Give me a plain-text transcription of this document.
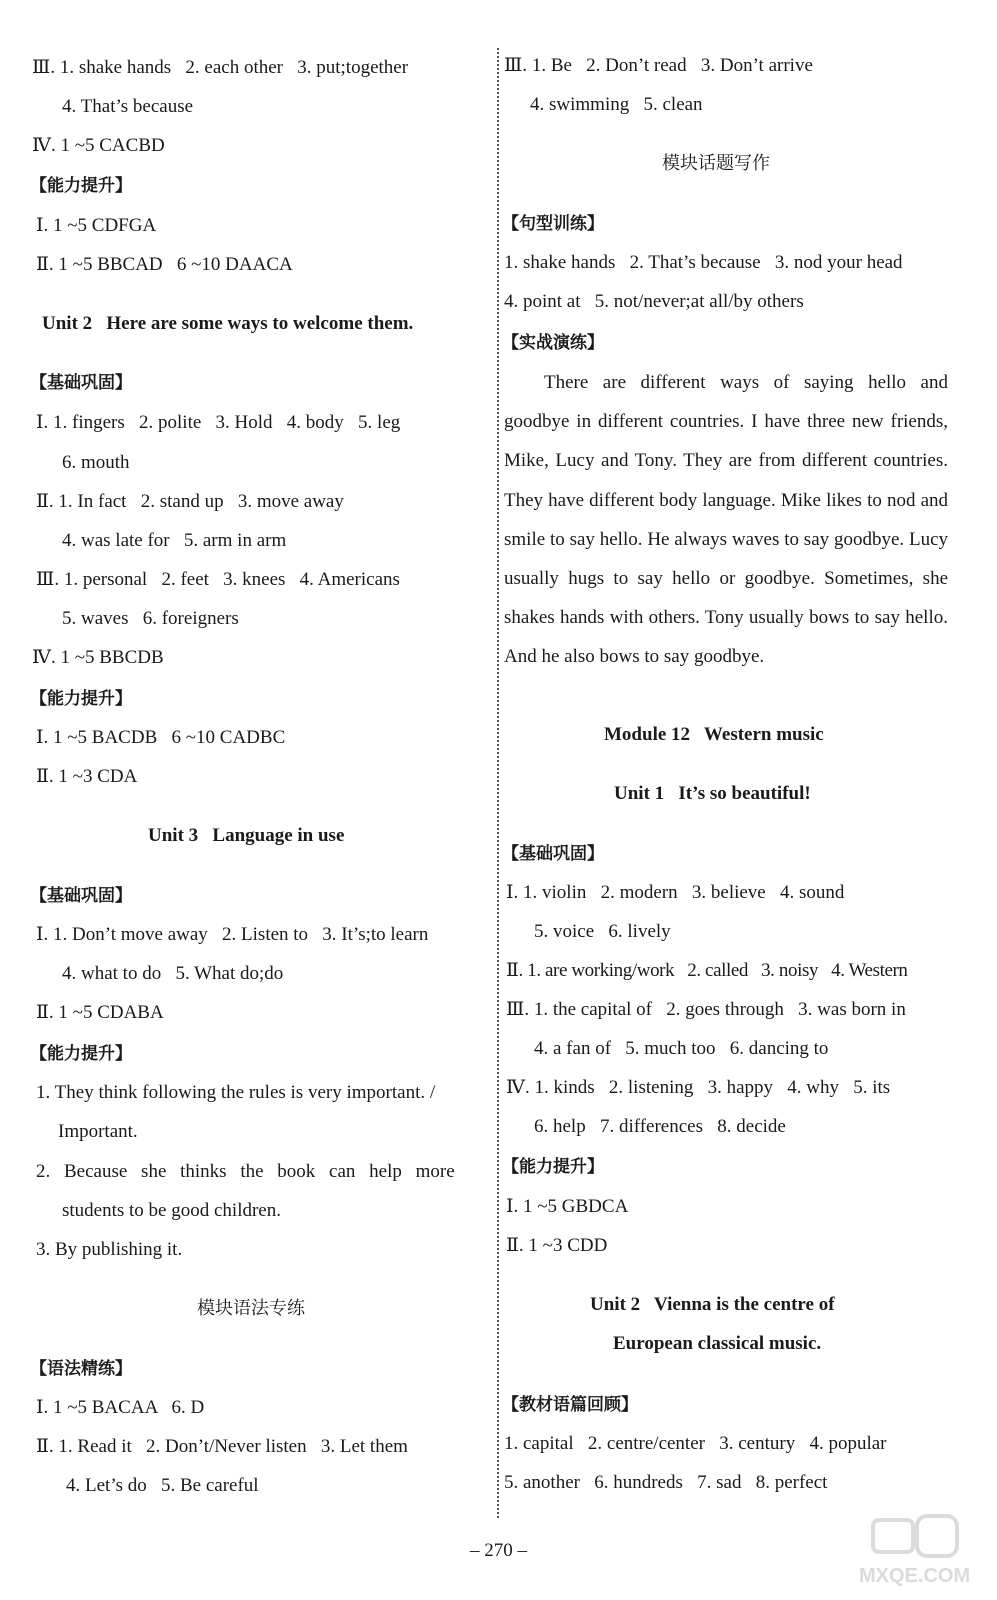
Ⅲ. 1. shake hands   2. each other   3. put;together
4. That’s because
Ⅳ. 1 ~5 CACBD
【能力提升】
Ⅰ. 1 ~5 CDFGA
Ⅱ. 1 ~5 BBCAD   6 ~10 DAACA
Unit 2   Here are some ways to welcome them.
【基础巩固】
Ⅰ. 1. fingers   2. polite   3. Hold   4. body   5. leg
6. mouth
Ⅱ. 1. In fact   2. stand up   3. move away
4. was late for   5. arm in arm
Ⅲ. 1. personal   2. feet   3. knees   4. Americans
5. waves   6. foreigners
Ⅳ. 1 ~5 BBCDB
【能力提升】
Ⅰ. 1 ~5 BACDB   6 ~10 CADBC
Ⅱ. 1 ~3 CDA
Unit 3   Language in use
【基础巩固】
Ⅰ. 1. Don’t move away   2. Listen to   3. It’s;to learn
4. what to do   5. What do;do
Ⅱ. 1 ~5 CDABA
【能力提升】
1. They think following the rules is very important. /
Important.
2. Because she thinks the book can help more
students to be good children.
3. By publishing it.
模块语法专练
【语法精练】
Ⅰ. 1 ~5 BACAA   6. D
Ⅱ. 1. Read it   2. Don’t/Never listen   3. Let them
4. Let’s do   5. Be careful
Ⅲ. 1. Be   2. Don’t read   3. Don’t arrive
4. swimming   5. clean
模块话题写作
【句型训练】
1. shake hands   2. That’s because   3. nod your head
4. point at   5. not/never;at all/by others
【实战演练】
There are different ways of saying hello and goodbye in different countries. I have three new friends, Mike, Lucy and Tony. They are from different countries. They have different body language. Mike likes to nod and smile to say hello. He always waves to say goodbye. Lucy usually hugs to say hello or goodbye. Sometimes, she shakes hands with others. Tony usually bows to say hello. And he also bows to say goodbye.
Module 12   Western music
Unit 1   It’s so beautiful!
【基础巩固】
Ⅰ. 1. violin   2. modern   3. believe   4. sound
5. voice   6. lively
Ⅱ. 1. are working/work   2. called   3. noisy   4. Western
Ⅲ. 1. the capital of   2. goes through   3. was born in
4. a fan of   5. much too   6. dancing to
Ⅳ. 1. kinds   2. listening   3. happy   4. why   5. its
6. help   7. differences   8. decide
【能力提升】
Ⅰ. 1 ~5 GBDCA
Ⅱ. 1 ~3 CDD
Unit 2   Vienna is the centre of
European classical music.
【教材语篇回顾】
1. capital   2. centre/center   3. century   4. popular
5. another   6. hundreds   7. sad   8. perfect
– 270 –
MXQE.COM
